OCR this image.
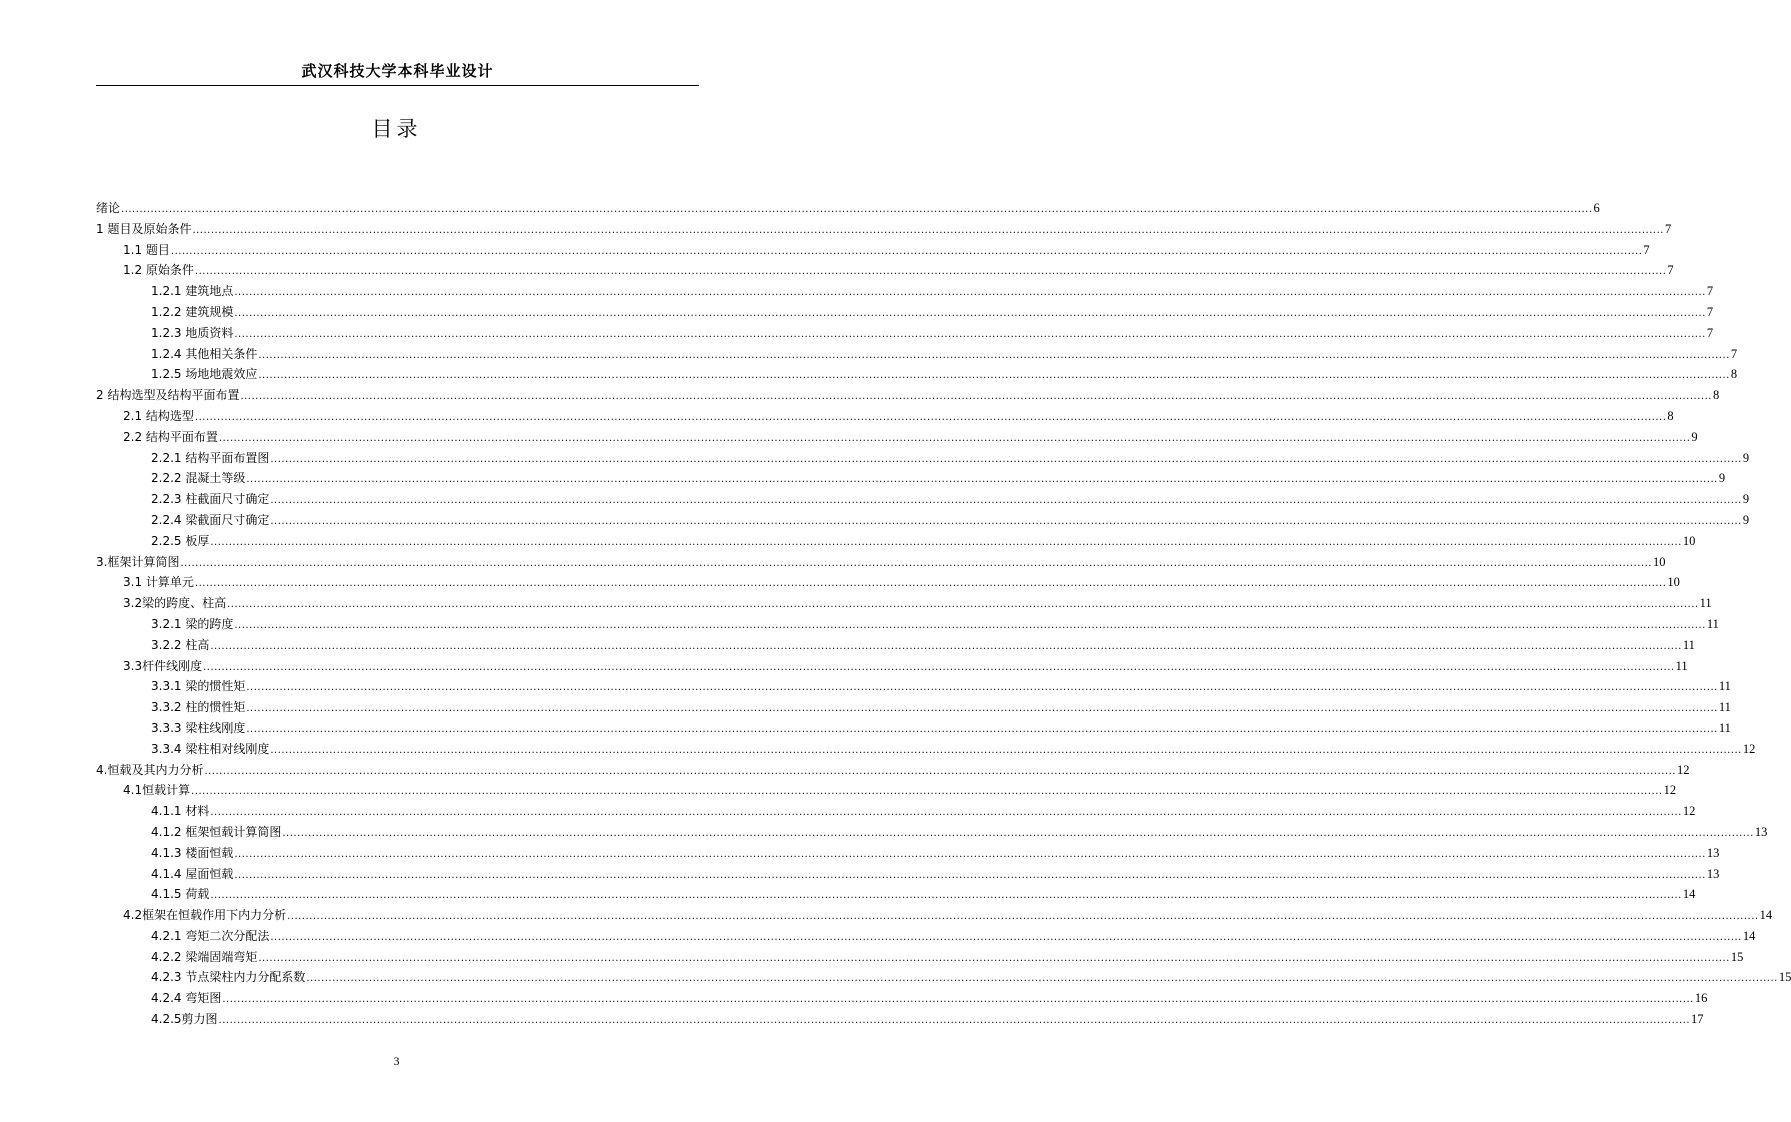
武汉科技大学本科毕业设计
目录
绪论 ................................................................................................................................................................................................................................................................................................................................................................................................................ 6
1 题目及原始条件 ................................................................................................................................................................................................................................................................................................................................................................................................................ 7
1.1 题目 ................................................................................................................................................................................................................................................................................................................................................................................................................ 7
1.2 原始条件 ................................................................................................................................................................................................................................................................................................................................................................................................................ 7
1.2.1 建筑地点 ................................................................................................................................................................................................................................................................................................................................................................................................................ 7
1.2.2 建筑规模 ................................................................................................................................................................................................................................................................................................................................................................................................................ 7
1.2.3 地质资料 ................................................................................................................................................................................................................................................................................................................................................................................................................ 7
1.2.4 其他相关条件 ................................................................................................................................................................................................................................................................................................................................................................................................................ 7
1.2.5 场地地震效应 ................................................................................................................................................................................................................................................................................................................................................................................................................ 8
2 结构选型及结构平面布置 ................................................................................................................................................................................................................................................................................................................................................................................................................ 8
2.1 结构选型 ................................................................................................................................................................................................................................................................................................................................................................................................................ 8
2.2 结构平面布置 ................................................................................................................................................................................................................................................................................................................................................................................................................ 9
2.2.1 结构平面布置图 ................................................................................................................................................................................................................................................................................................................................................................................................................ 9
2.2.2 混凝土等级 ................................................................................................................................................................................................................................................................................................................................................................................................................ 9
2.2.3 柱截面尺寸确定 ................................................................................................................................................................................................................................................................................................................................................................................................................ 9
2.2.4 梁截面尺寸确定 ................................................................................................................................................................................................................................................................................................................................................................................................................ 9
2.2.5 板厚 ................................................................................................................................................................................................................................................................................................................................................................................................................ 10
3.框架计算简图 ................................................................................................................................................................................................................................................................................................................................................................................................................ 10
3.1 计算单元 ................................................................................................................................................................................................................................................................................................................................................................................................................ 10
3.2梁的跨度、柱高 ................................................................................................................................................................................................................................................................................................................................................................................................................ 11
3.2.1 梁的跨度 ................................................................................................................................................................................................................................................................................................................................................................................................................ 11
3.2.2 柱高 ................................................................................................................................................................................................................................................................................................................................................................................................................ 11
3.3杆件线刚度 ................................................................................................................................................................................................................................................................................................................................................................................................................ 11
3.3.1 梁的惯性矩 ................................................................................................................................................................................................................................................................................................................................................................................................................ 11
3.3.2 柱的惯性矩 ................................................................................................................................................................................................................................................................................................................................................................................................................ 11
3.3.3 梁柱线刚度 ................................................................................................................................................................................................................................................................................................................................................................................................................ 11
3.3.4 梁柱相对线刚度 ................................................................................................................................................................................................................................................................................................................................................................................................................ 12
4.恒载及其内力分析 ................................................................................................................................................................................................................................................................................................................................................................................................................ 12
4.1恒载计算 ................................................................................................................................................................................................................................................................................................................................................................................................................ 12
4.1.1 材料 ................................................................................................................................................................................................................................................................................................................................................................................................................ 12
4.1.2 框架恒载计算简图 ................................................................................................................................................................................................................................................................................................................................................................................................................ 13
4.1.3 楼面恒载 ................................................................................................................................................................................................................................................................................................................................................................................................................ 13
4.1.4 屋面恒载 ................................................................................................................................................................................................................................................................................................................................................................................................................ 13
4.1.5 荷载 ................................................................................................................................................................................................................................................................................................................................................................................................................ 14
4.2框架在恒载作用下内力分析 ................................................................................................................................................................................................................................................................................................................................................................................................................ 14
4.2.1 弯矩二次分配法 ................................................................................................................................................................................................................................................................................................................................................................................................................ 14
4.2.2 梁端固端弯矩 ................................................................................................................................................................................................................................................................................................................................................................................................................ 15
4.2.3 节点梁柱内力分配系数 ................................................................................................................................................................................................................................................................................................................................................................................................................ 15
4.2.4 弯矩图 ................................................................................................................................................................................................................................................................................................................................................................................................................ 16
4.2.5剪力图 ................................................................................................................................................................................................................................................................................................................................................................................................................ 17
3
